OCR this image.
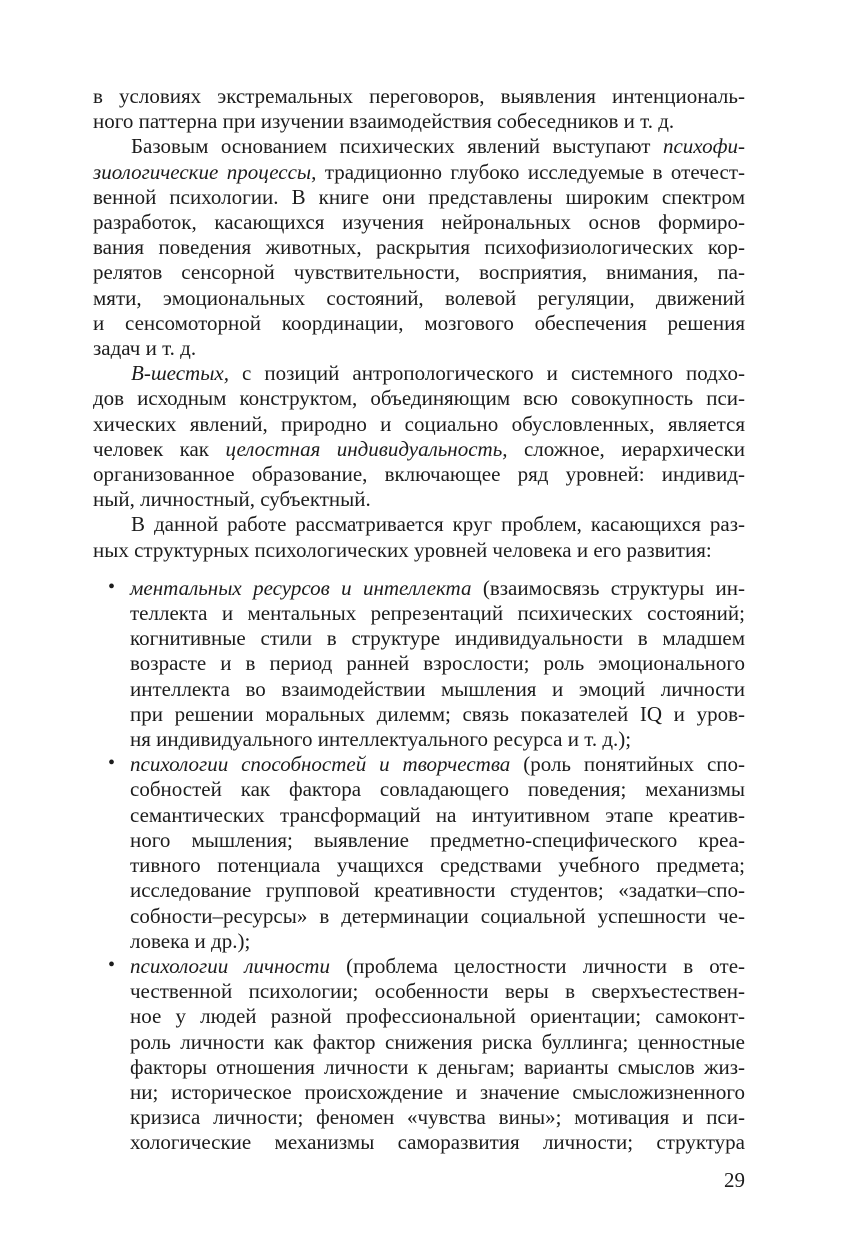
в условиях экстремальных переговоров, выявления интенциональ-
ного паттерна при изучении взаимодействия собеседников и т. д.
Базовым основанием психических явлений выступают психофи-
зиологические процессы, традиционно глубоко исследуемые в отечест-
венной психологии. В книге они представлены широким спектром
разработок, касающихся изучения нейрональных основ формиро-
вания поведения животных, раскрытия психофизиологических кор-
релятов сенсорной чувствительности, восприятия, внимания, па-
мяти, эмоциональных состояний, волевой регуляции, движений
и сенсомоторной координации, мозгового обеспечения решения
задач и т. д.
В-шестых, с позиций антропологического и системного подхо-
дов исходным конструктом, объединяющим всю совокупность пси-
хических явлений, природно и социально обусловленных, является
человек как целостная индивидуальность, сложное, иерархически
организованное образование, включающее ряд уровней: индивид-
ный, личностный, субъектный.
В данной работе рассматривается круг проблем, касающихся раз-
ных структурных психологических уровней человека и его развития:
• ментальных ресурсов и интеллекта (взаимосвязь структуры ин-
теллекта и ментальных репрезентаций психических состояний;
когнитивные стили в структуре индивидуальности в младшем
возрасте и в период ранней взрослости; роль эмоционального
интеллекта во взаимодействии мышления и эмоций личности
при решении моральных дилемм; связь показателей IQ и уров-
ня индивидуального интеллектуального ресурса и т. д.);
• психологии способностей и творчества (роль понятийных спо-
собностей как фактора совладающего поведения; механизмы
семантических трансформаций на интуитивном этапе креатив-
ного мышления; выявление предметно-специфического креа-
тивного потенциала учащихся средствами учебного предмета;
исследование групповой креативности студентов; «задатки–спо-
собности–ресурсы» в детерминации социальной успешности че-
ловека и др.);
• психологии личности (проблема целостности личности в оте-
чественной психологии; особенности веры в сверхъестествен-
ное у людей разной профессиональной ориентации; самоконт-
роль личности как фактор снижения риска буллинга; ценностные
факторы отношения личности к деньгам; варианты смыслов жиз-
ни; историческое происхождение и значение смысложизненного
кризиса личности; феномен «чувства вины»; мотивация и пси-
хологические механизмы саморазвития личности; структура
29
